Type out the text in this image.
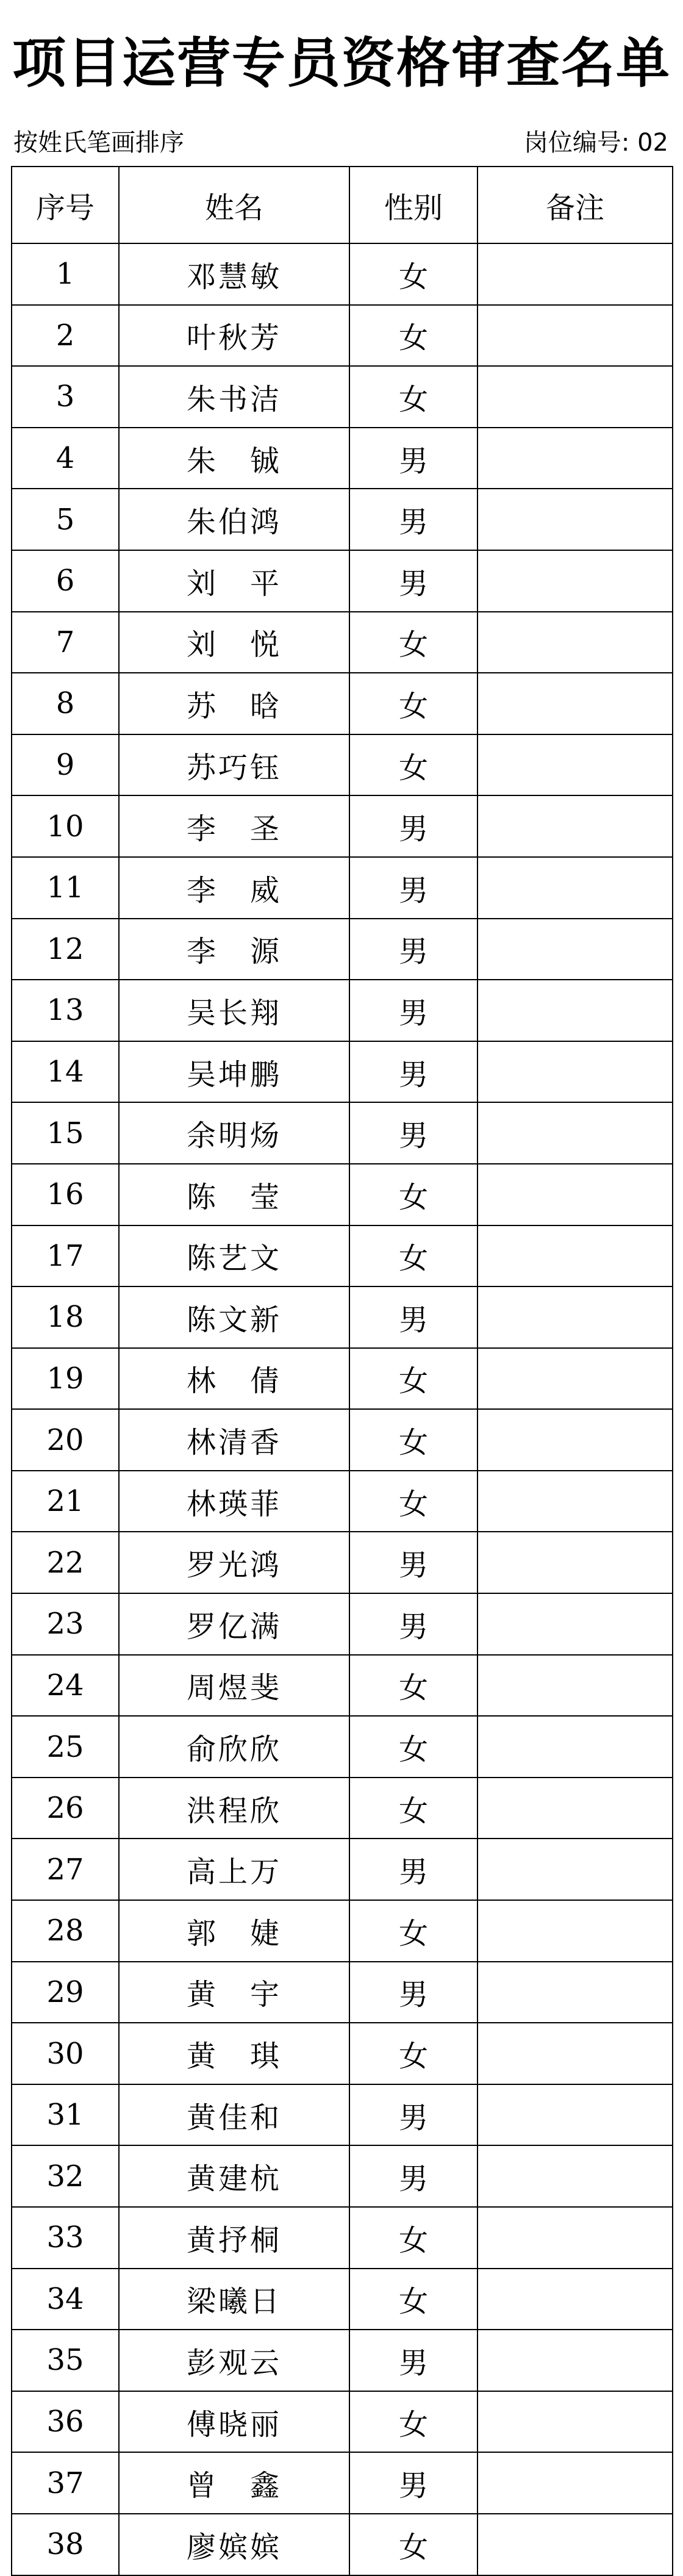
项目运营专员资格审查名单
按姓氏笔画排序	岗位编号: 02
序号	姓名	性别	备注
1	邓慧敏	女	
2	叶秋芳	女	
3	朱书洁	女	
4	朱　铖	男	
5	朱伯鸿	男	
6	刘　平	男	
7	刘　悦	女	
8	苏　晗	女	
9	苏巧钰	女	
10	李　圣	男	
11	李　威	男	
12	李　源	男	
13	吴长翔	男	
14	吴坤鹏	男	
15	余明炀	男	
16	陈　莹	女	
17	陈艺文	女	
18	陈文新	男	
19	林　倩	女	
20	林清香	女	
21	林瑛菲	女	
22	罗光鸿	男	
23	罗亿满	男	
24	周煜斐	女	
25	俞欣欣	女	
26	洪程欣	女	
27	高上万	男	
28	郭　婕	女	
29	黄　宇	男	
30	黄　琪	女	
31	黄佳和	男	
32	黄建杭	男	
33	黄抒桐	女	
34	梁曦日	女	
35	彭观云	男	
36	傅晓丽	女	
37	曾　鑫	男	
38	廖嫔嫔	女	
